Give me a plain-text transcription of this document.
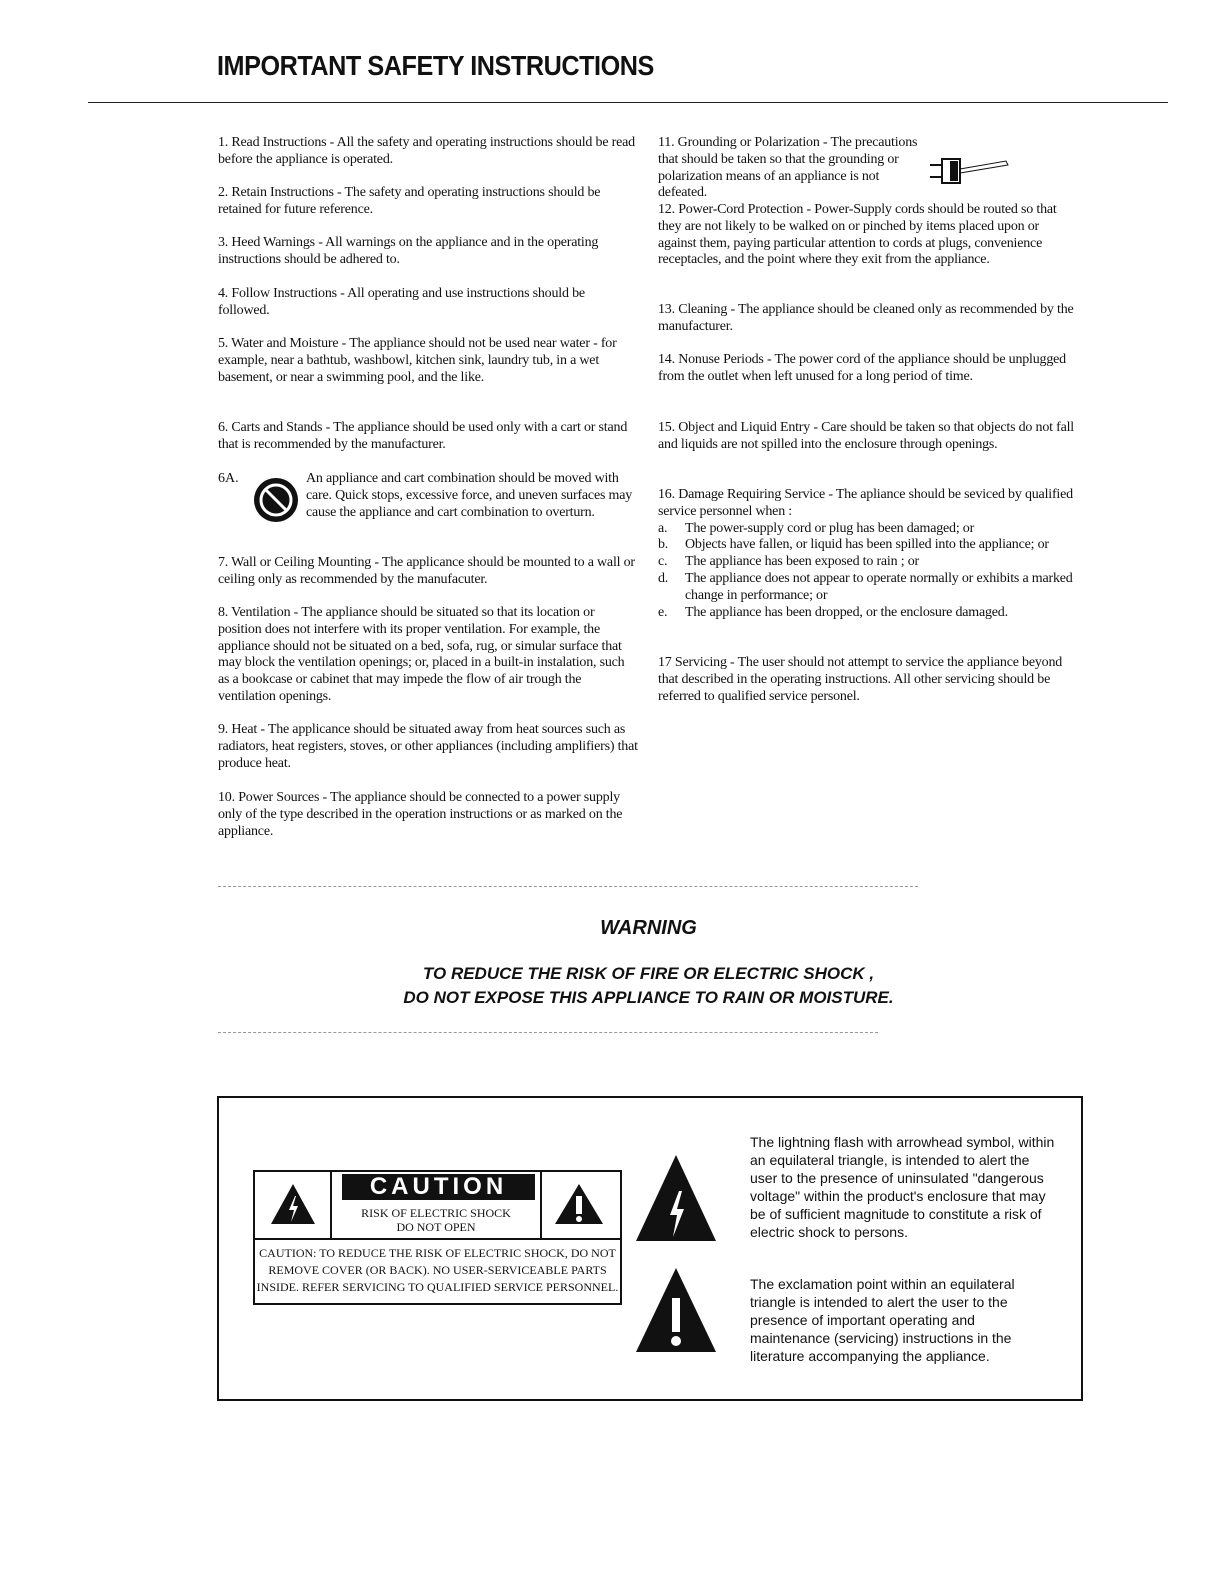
IMPORTANT SAFETY INSTRUCTIONS
1. Read Instructions - All the safety and operating instructions should be read before the appliance is operated.
2. Retain Instructions - The safety and operating instructions should be retained for future reference.
3. Heed Warnings - All warnings on the appliance and in the operating instructions should be adhered to.
4. Follow Instructions - All operating and use instructions should be followed.
5. Water and Moisture - The appliance should not be used near water - for example, near a bathtub, washbowl, kitchen sink, laundry tub, in a wet basement, or near a swimming pool, and the like.
6. Carts and Stands - The appliance should be used only with a cart or stand that is recommended by the manufacturer.
6A.	An appliance and cart combination should be moved with care. Quick stops, excessive force, and uneven surfaces may cause the appliance and cart combination to overturn.
7. Wall or Ceiling Mounting - The applicance should be mounted to a wall or ceiling only as recommended by the manufacuter.
8. Ventilation - The appliance should be situated so that its location or position does not interfere with its proper ventilation. For example, the appliance should not be situated on a bed, sofa, rug, or simular surface that may block the ventilation openings; or, placed in a built-in instalation, such as a bookcase or cabinet that may impede the flow of air trough the ventilation openings.
9. Heat - The applicance should be situated away from heat sources such as radiators, heat registers, stoves, or other appliances (including amplifiers) that produce heat.
10. Power Sources - The appliance should be connected to a power supply only of the type described in the operation instructions or as marked on the appliance.
11. Grounding or Polarization - The precautions that should be taken so that the grounding or polarization means of an appliance is not defeated.
12. Power-Cord Protection - Power-Supply cords should be routed so that they are not likely to be walked on or pinched by items placed upon or against them, paying particular attention to cords at plugs, convenience receptacles, and the point where they exit from the appliance.
13. Cleaning - The appliance should be cleaned only as recommended by the manufacturer.
14. Nonuse Periods - The power cord of the appliance should be unplugged from the outlet when left unused for a long period of time.
15. Object and Liquid Entry - Care should be taken so that objects do not fall and liquids are not spilled into the enclosure through openings.
16. Damage Requiring Service - The apliance should be seviced by qualified service personnel when :
a.	The power-supply cord or plug has been damaged; or
b.	Objects have fallen, or liquid has been spilled into the appliance; or
c.	The appliance has been exposed to rain ; or
d.	The appliance does not appear to operate normally or exhibits a marked change in performance; or
e.	The appliance has been dropped, or the enclosure damaged.
17 Servicing - The user should not attempt to service the appliance beyond that described in the operating instructions. All other servicing should be referred to qualified service personel.
WARNING
TO REDUCE THE RISK OF FIRE OR ELECTRIC SHOCK ,
DO NOT EXPOSE THIS APPLIANCE TO RAIN OR MOISTURE.
CAUTION
RISK OF ELECTRIC SHOCK
DO NOT OPEN
CAUTION: TO REDUCE THE RISK OF ELECTRIC SHOCK, DO NOT
REMOVE COVER (OR BACK). NO USER-SERVICEABLE PARTS
INSIDE. REFER SERVICING TO QUALIFIED SERVICE PERSONNEL.
The lightning flash with arrowhead symbol, within an equilateral triangle, is intended to alert the user to the presence of uninsulated "dangerous voltage" within the product's enclosure that may be of sufficient magnitude to constitute a risk of electric shock to persons.
The exclamation point within an equilateral triangle is intended to alert the user to the presence of important operating and maintenance (servicing) instructions in the literature accompanying the appliance.
